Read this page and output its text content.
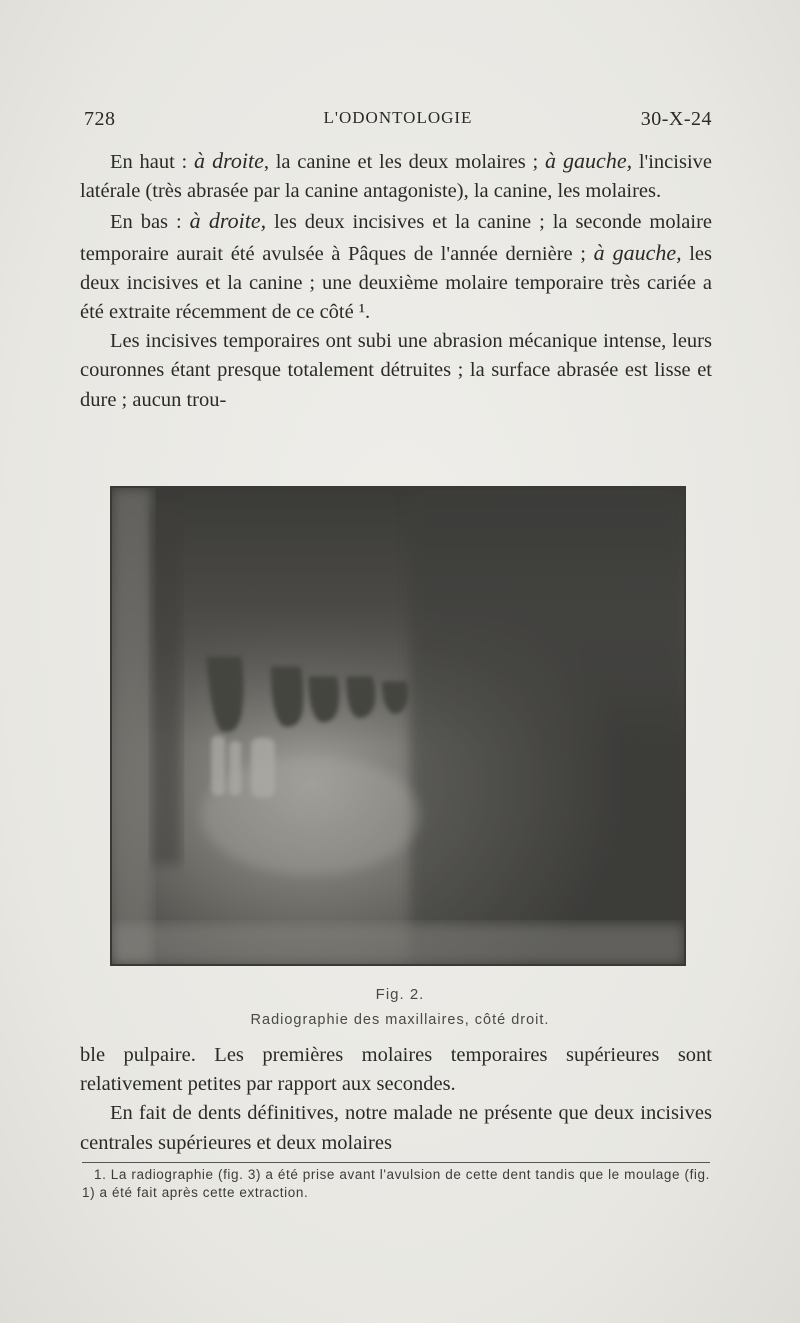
728	L'ODONTOLOGIE	30-X-24

En haut : à droite, la canine et les deux molaires ; à gauche, l'incisive latérale (très abrasée par la canine antagoniste), la canine, les molaires.

En bas : à droite, les deux incisives et la canine ; la seconde molaire temporaire aurait été avulsée à Pâques de l'année dernière ; à gauche, les deux incisives et la canine ; une deuxième molaire temporaire très cariée a été extraite récemment de ce côté ¹.

Les incisives temporaires ont subi une abrasion mécanique intense, leurs couronnes étant presque totalement détruites ; la surface abrasée est lisse et dure ; aucun trou-

Fig. 2.
Radiographie des maxillaires, côté droit.

ble pulpaire. Les premières molaires temporaires supérieures sont relativement petites par rapport aux secondes.

En fait de dents définitives, notre malade ne présente que deux incisives centrales supérieures et deux molaires

1. La radiographie (fig. 3) a été prise avant l'avulsion de cette dent tandis que le moulage (fig. 1) a été fait après cette extraction.
